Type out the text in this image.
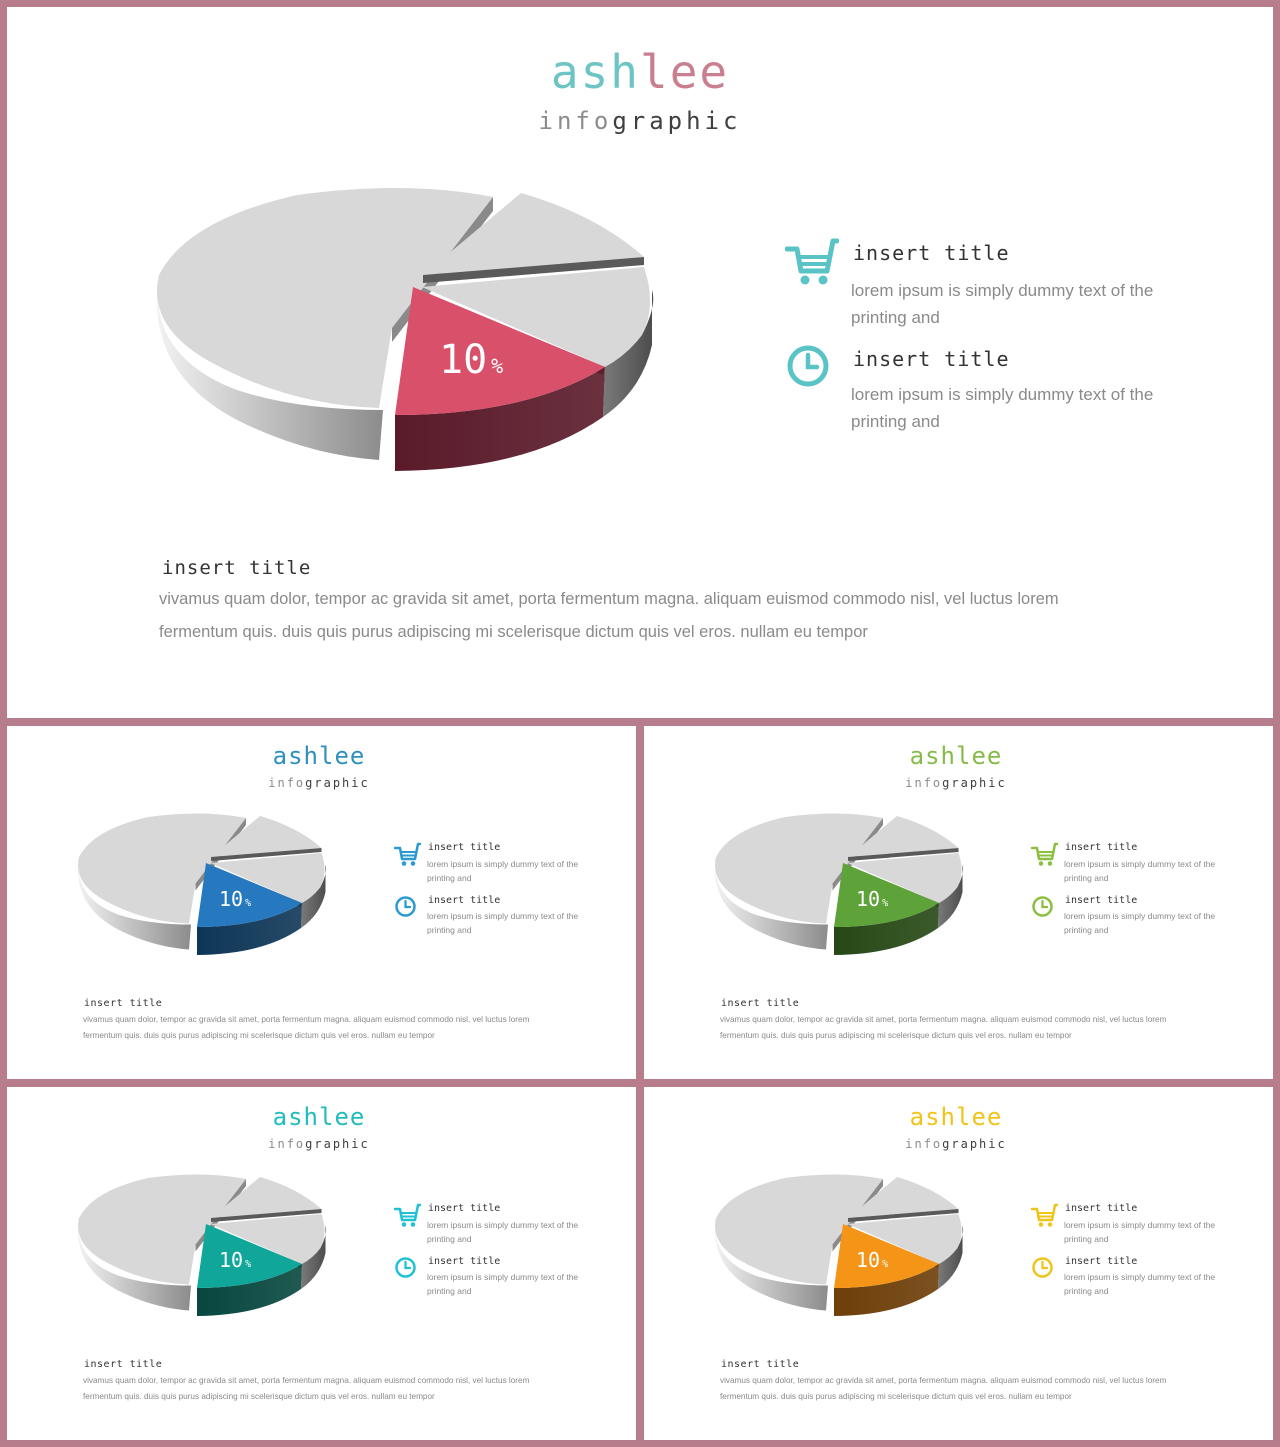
ashlee
infographic
10 %
insert title
lorem ipsum is simply dummy text of the printing and
insert title
lorem ipsum is simply dummy text of the printing and
insert title
vivamus quam dolor, tempor ac gravida sit amet, porta fermentum magna. aliquam euismod commodo nisl, vel luctus lorem
fermentum quis. duis quis purus adipiscing mi scelerisque dictum quis vel eros. nullam eu tempor
ashlee
infographic
10 %
insert title
lorem ipsum is simply dummy text of the printing and
insert title
lorem ipsum is simply dummy text of the printing and
insert title
vivamus quam dolor, tempor ac gravida sit amet, porta fermentum magna. aliquam euismod commodo nisl, vel luctus lorem
fermentum quis. duis quis purus adipiscing mi scelerisque dictum quis vel eros. nullam eu tempor
ashlee
infographic
10 %
insert title
lorem ipsum is simply dummy text of the printing and
insert title
lorem ipsum is simply dummy text of the printing and
insert title
vivamus quam dolor, tempor ac gravida sit amet, porta fermentum magna. aliquam euismod commodo nisl, vel luctus lorem
fermentum quis. duis quis purus adipiscing mi scelerisque dictum quis vel eros. nullam eu tempor
ashlee
infographic
10 %
insert title
lorem ipsum is simply dummy text of the printing and
insert title
lorem ipsum is simply dummy text of the printing and
insert title
vivamus quam dolor, tempor ac gravida sit amet, porta fermentum magna. aliquam euismod commodo nisl, vel luctus lorem
fermentum quis. duis quis purus adipiscing mi scelerisque dictum quis vel eros. nullam eu tempor
ashlee
infographic
10 %
insert title
lorem ipsum is simply dummy text of the printing and
insert title
lorem ipsum is simply dummy text of the printing and
insert title
vivamus quam dolor, tempor ac gravida sit amet, porta fermentum magna. aliquam euismod commodo nisl, vel luctus lorem
fermentum quis. duis quis purus adipiscing mi scelerisque dictum quis vel eros. nullam eu tempor
